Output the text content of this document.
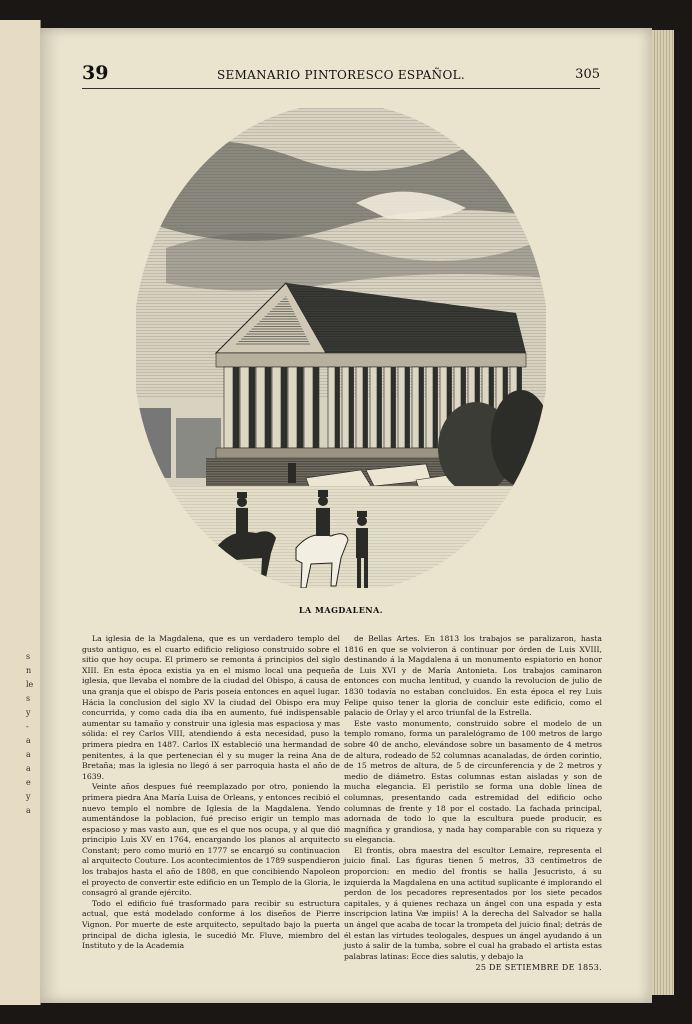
s
n
le
s
y
-
a
a
a
e
y
a
39	SEMANARIO PINTORESCO ESPAÑOL.	305
LA MAGDALENA.

La iglesia de la Magdalena, que es un verdadero templo del gusto antiguo, es el cuarto edificio religioso construido sobre el sitio que hoy ocupa. El primero se remonta á principios del siglo XIII. En esta época existia ya en el mismo local una pequeña iglesia, que llevaba el nombre de la ciudad del Obispo, á causa de una granja que el obispo de Paris poseia entonces en aquel lugar. Hácia la conclusion del siglo XV la ciudad del Obispo era muy concurrida, y como cada dia iba en aumento, fué indispensable aumentar su tamaño y construir una iglesia mas espaciosa y mas sólida: el rey Carlos VIII, atendiendo á esta necesidad, puso la primera piedra en 1487. Carlos IX estableció una hermandad de penitentes, á la que pertenecian él y su muger la reina Ana de Bretaña; mas la iglesia no llegó á ser parroquia hasta el año de 1639.

Veinte años despues fué reemplazado por otro, poniendo la primera piedra Ana María Luisa de Orleans, y entonces recibió el nuevo templo el nombre de Iglesia de la Magdalena. Yendo aumentándose la poblacion, fué preciso erigir un templo mas espacioso y mas vasto aun, que es el que nos ocupa, y al que dió principio Luis XV en 1764, encargando los planos al arquitecto Constant; pero como murió en 1777 se encargó su continuacion al arquitecto Couture. Los acontecimientos de 1789 suspendieron los trabajos hasta el año de 1808, en que concibiendo Napoleon el proyecto de convertir este edificio en un Templo de la Gloria, le consagró al grande ejército.

Todo el edificio fué trasformado para recibir su estructura actual, que está modelado conforme á los diseños de Pierre Vignon. Por muerte de este arquitecto, sepultado bajo la puerta principal de dicha iglesia, le sucedió Mr. Fluve, miembro del Instituto y de la Academia

de Bellas Artes. En 1813 los trabajos se paralizaron, hasta 1816 en que se volvieron á continuar por órden de Luis XVIII, destinando á la Magdalena á un monumento espiatorio en honor de Luis XVI y de María Antonieta. Los trabajos caminaron entonces con mucha lentitud, y cuando la revolucion de julio de 1830 todavía no estaban concluidos. En esta época el rey Luis Felipe quiso tener la gloria de concluir este edificio, como el palacio de Orlay y el arco triunfal de la Estrella.

Este vasto monumento, construido sobre el modelo de un templo romano, forma un paralelógramo de 100 metros de largo sobre 40 de ancho, elevándose sobre un basamento de 4 metros de altura, rodeado de 52 columnas acanaladas, de órden corintio, de 15 metros de altura, de 5 de circunferencia y de 2 metros y medio de diámetro. Estas columnas estan aisladas y son de mucha elegancia. El peristilo se forma una doble línea de columnas, presentando cada estremidad del edificio ocho columnas de frente y 18 por el costado. La fachada principal, adornada de todo lo que la escultura puede producir, es magnífica y grandiosa, y nada hay comparable con su riqueza y su elegancia.

El frontis, obra maestra del escultor Lemaire, representa el juicio final. Las figuras tienen 5 metros, 33 centímetros de proporcion: en medio del frontis se halla Jesucristo, á su izquierda la Magdalena en una actitud suplicante é implorando el perdon de los pecadores representados por los siete pecados capitales, y á quienes rechaza un ángel con una espada y esta inscripcion latina Væ impiis! A la derecha del Salvador se halla un ángel que acaba de tocar la trompeta del juicio final; detrás de él estan las virtudes teologales, despues un ángel ayudando á un justo á salir de la tumba, sobre el cual ha grabado el artista estas palabras latinas: Ecce dies salutis, y debajo la

25 DE SETIEMBRE DE 1853.
